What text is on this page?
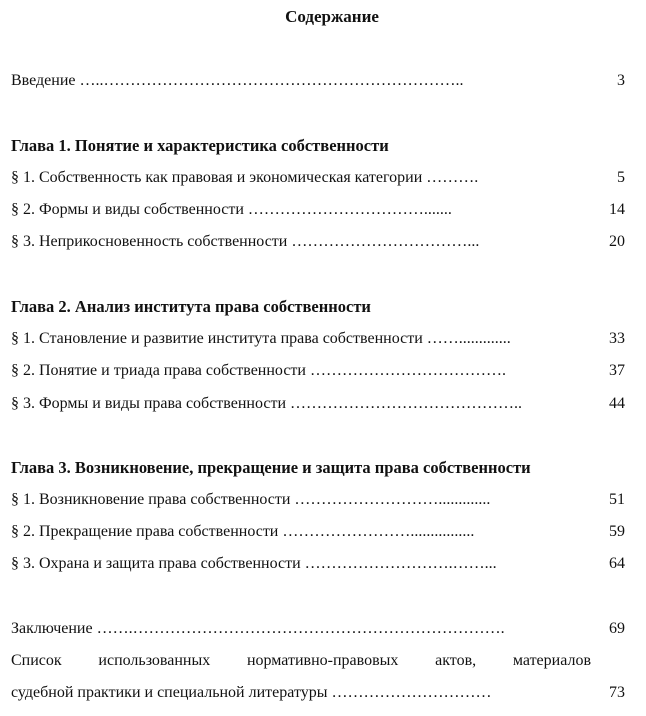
Содержание
Введение …..…………………………………………………………..	3
Глава 1. Понятие и характеристика собственности
§ 1. Собственность как правовая и экономическая категории ……….	5
§ 2. Формы и виды собственности …………………………….......	14
§ 3. Неприкосновенность собственности ……………………………...	20
Глава 2. Анализ института права собственности
§ 1. Становление и развитие института права собственности …….............	33
§ 2. Понятие и триада права собственности ……………………………….	37
§ 3. Формы и виды права собственности ……………………………………..	44
Глава 3. Возникновение, прекращение и защита права собственности
§ 1. Возникновение права собственности ……………………….............	51
§ 2. Прекращение права собственности ……………………................	59
§ 3. Охрана и защита права собственности ……………………….……...	64
Заключение …….…………………………………………………………….	69
Список использованных нормативно-правовых актов, материалов
судебной практики и специальной литературы …………………………	73
